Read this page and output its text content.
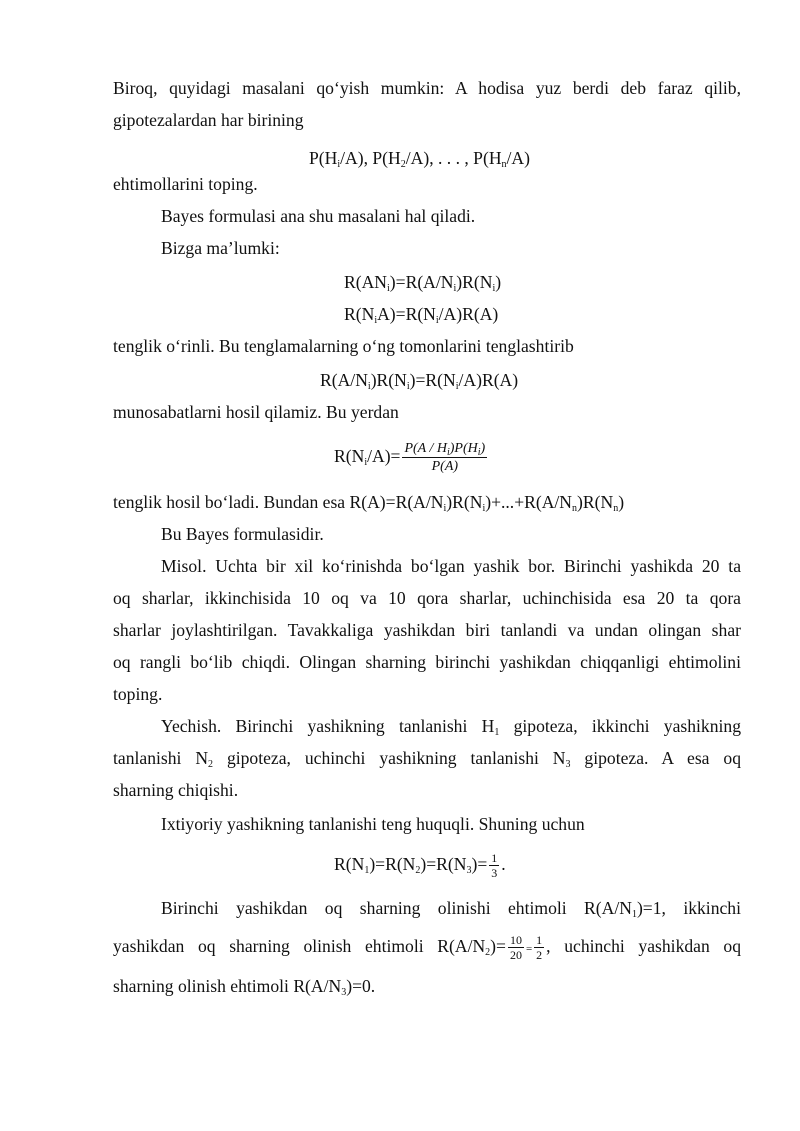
Biroq, quyidagi masalani qo‘yish mumkin: A hodisa yuz berdi deb faraz qilib,
gipotezalardan har birining
$P(H_i/A)$, $P(H_2/A)$, . . . , $P(H_n/A)$
ehtimollarini toping.
Bayes formulasi ana shu masalani hal qiladi.
Bizga ma’lumki:
$R(AN_i)=R(A/N_i)R(N_i)$
$R(N_iA)=R(N_i/A)R(A)$
tenglik o‘rinli. Bu tenglamalarning o‘ng tomonlarini tenglashtirib
$R(A/N_i)R(N_i)=R(N_i/A)R(A)$
munosabatlarni hosil qilamiz. Bu yerdan
$R(N_i/A)= \frac{P(A / H_i)P(H_i)}{P(A)}$
tenglik hosil bo‘ladi. Bundan esa $R(A)=R(A/N_i)R(N_i)+...+R(A/N_n)R(N_n)$
Bu Bayes formulasidir.
Misol. Uchta bir xil ko‘rinishda bo‘lgan yashik bor. Birinchi yashikda 20 ta
oq sharlar, ikkinchisida 10 oq va 10 qora sharlar, uchinchisida esa 20 ta qora
sharlar joylashtirilgan. Tavakkaliga yashikdan biri tanlandi va undan olingan shar
oq rangli bo‘lib chiqdi. Olingan sharning birinchi yashikdan chiqqanligi ehtimolini
toping.
Yechish. Birinchi yashikning tanlanishi $H_1$ gipoteza, ikkinchi yashikning
tanlanishi $N_2$ gipoteza, uchinchi yashikning tanlanishi $N_3$ gipoteza. A esa oq
sharning chiqishi.
Ixtiyoriy yashikning tanlanishi teng huquqli. Shuning uchun
$R(N_1)=R(N_2)=R(N_3)= \frac{1}{3}$ .
Birinchi yashikdan oq sharning olinishi ehtimoli $R(A/N_1)=1$, ikkinchi
yashikdan oq sharning olinish ehtimoli $R(A/N_2)= \frac{10}{20} = \frac{1}{2}$ , uchinchi yashikdan oq
sharning olinish ehtimoli $R(A/N_3)=0$.
